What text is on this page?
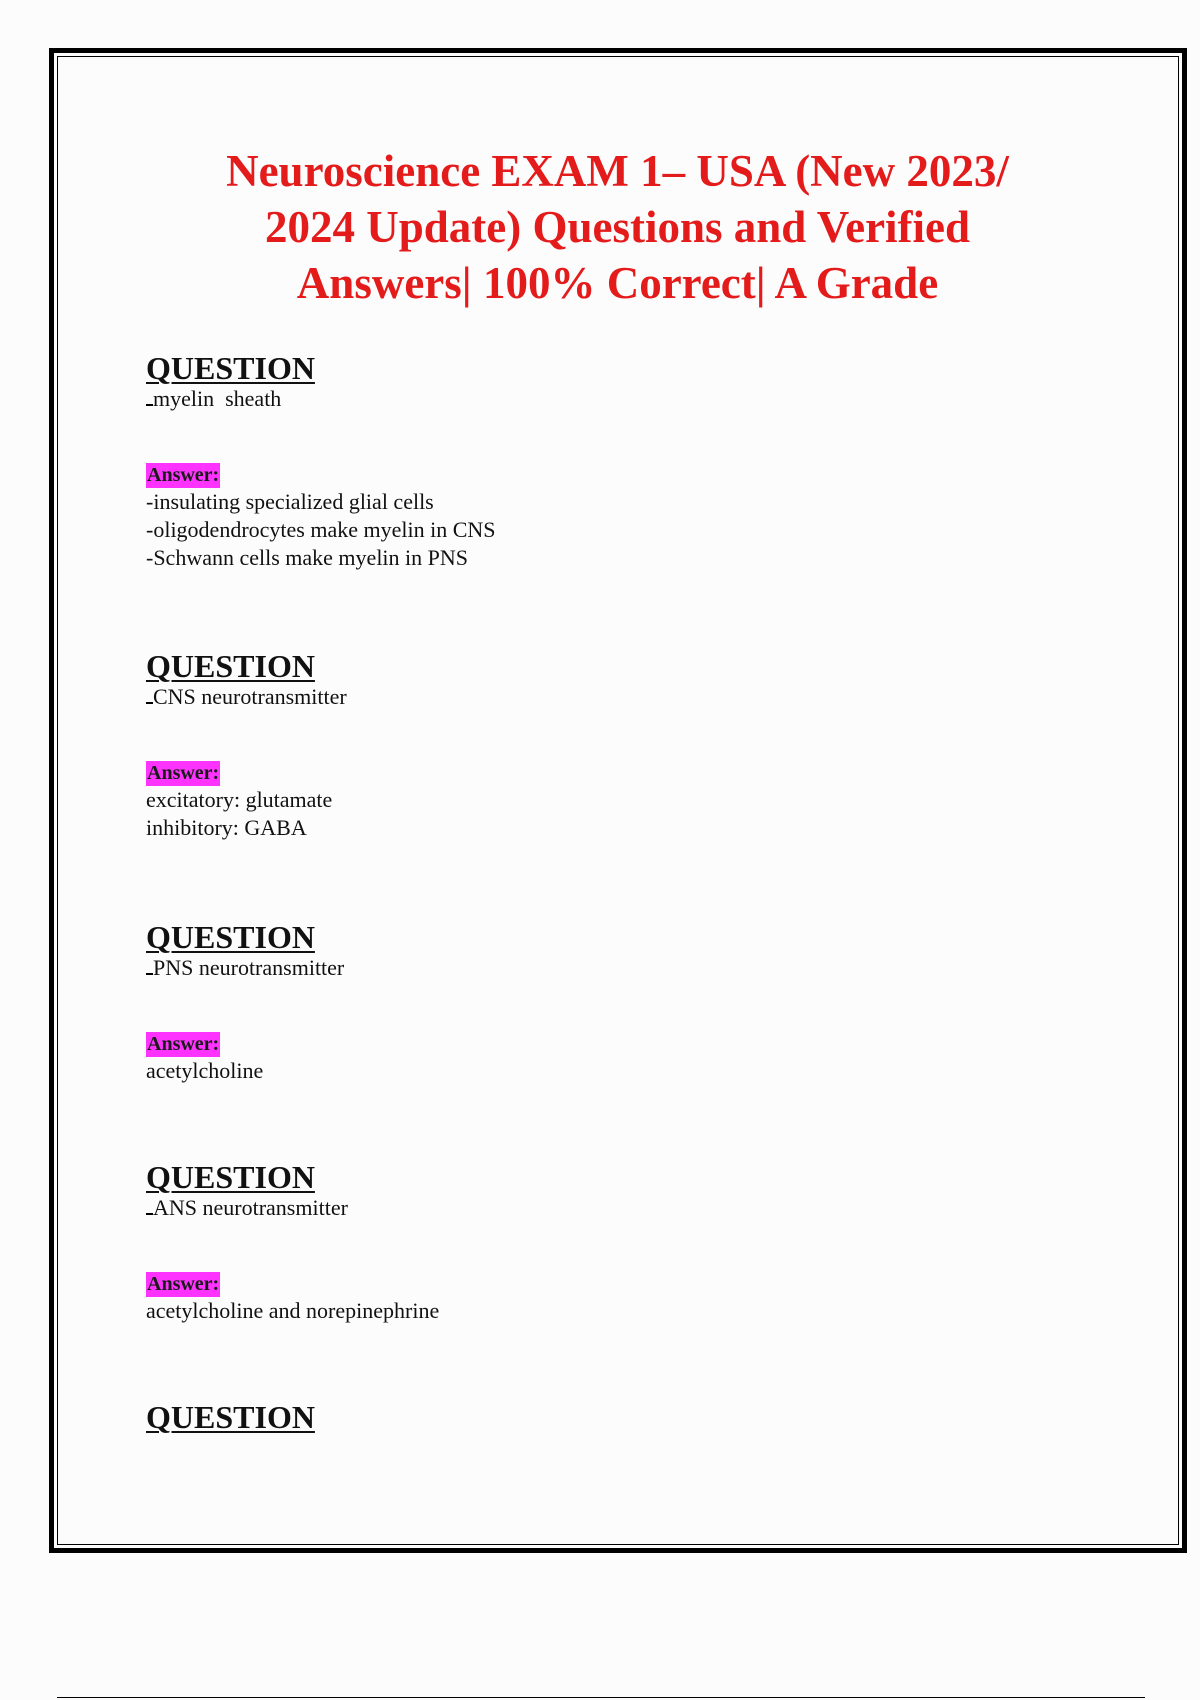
Neuroscience EXAM 1– USA (New 2023/
2024 Update) Questions and Verified
Answers| 100% Correct| A Grade

QUESTION

myelin  sheath

Answer:
-insulating specialized glial cells
-oligodendrocytes make myelin in CNS
-Schwann cells make myelin in PNS

QUESTION

CNS neurotransmitter

Answer:
excitatory: glutamate
inhibitory: GABA

QUESTION

PNS neurotransmitter

Answer:
acetylcholine

QUESTION

ANS neurotransmitter

Answer:
acetylcholine and norepinephrine

QUESTION
